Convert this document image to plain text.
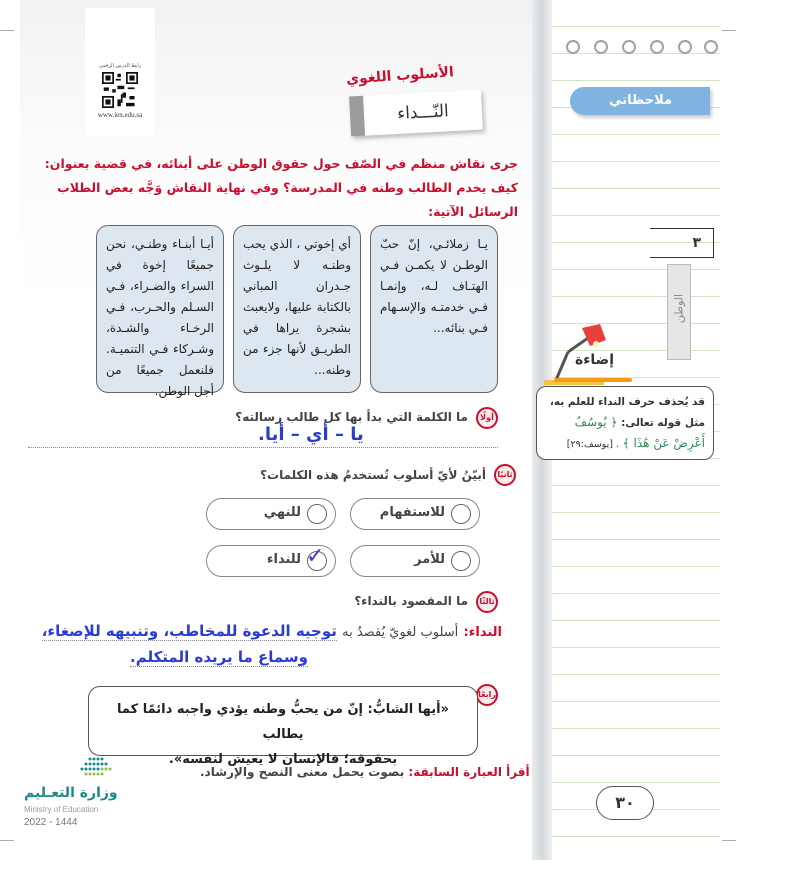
رابط الدرس الرقمي
www.ien.edu.sa
الأسلوب اللغوي
النّـــداء
جرى نقاش منظم في الصّف حول حقوق الوطن على أبنائه، في قضية بعنوان: كيف يخدم الطالب وطنه في المدرسة؟ وفي نهاية النقاش وَجَّه بعض الطلاب الرسائل الآتية:
يـا زملائـي، إنّ حبّ الوطـن لا يكمـن فـي الهتـاف لـه، وإنمـا فـي خدمتـه والإسـهام فـي بنائه...
أي إخوتي ، الذي يحب وطنـه لا يلـوث جـدران المباني بالكتابة عليها، ولايعبث بشجرة يراها في الطريـق لأنها جزء من وطنه...
أيـا أبنـاء وطنـي، نحن جميعًا إخوة في السراء والضـراء، فـي السـلم والحـرب، فـي الرخـاء والشـدة، وشـركاء فـي التنميـة. فلنعمل جميعًا من أجل الوطن.
إضاءة
قد يُحذف حرف النداء للعلم به، مثل قوله تعالى: ﴿ يُوسُفُ أَعْرِضْ عَنْ هَٰذَا ﴾ . [يوسف:٢٩]
أولًا
ما الكلمة التي بدأ بها كل طالب رسالته؟
يا – أي – أيا.
ثانيًا
أبيّنُ لأيّ أسلوب تُستخدمُ هذه الكلمات؟
للاستفهام
للنهي
للأمر
✓
للنداء
ثالثًا
ما المقصود بالنداء؟
النداء: أسلوب لغويّ يُقصدُ به توجيه الدعوة للمخاطب، وتنبيهه للإصغاء،
وسماع ما يريده المتكلم.
رابعًا
«أيها الشابُّ: إنّ من يحبُّ وطنه يؤدي واجبه دائمًا كما يطالب
بحقوقه؛ فالإنسان لا يعيش لنفسه».
أقرأ العبارة السابقة: بصوت يحمل معنى النصح والإرشاد.
وزارة التعـليم
Ministry of Education
2022 - 1444
ملاحظاتي
٣
الوطن
٣٠
